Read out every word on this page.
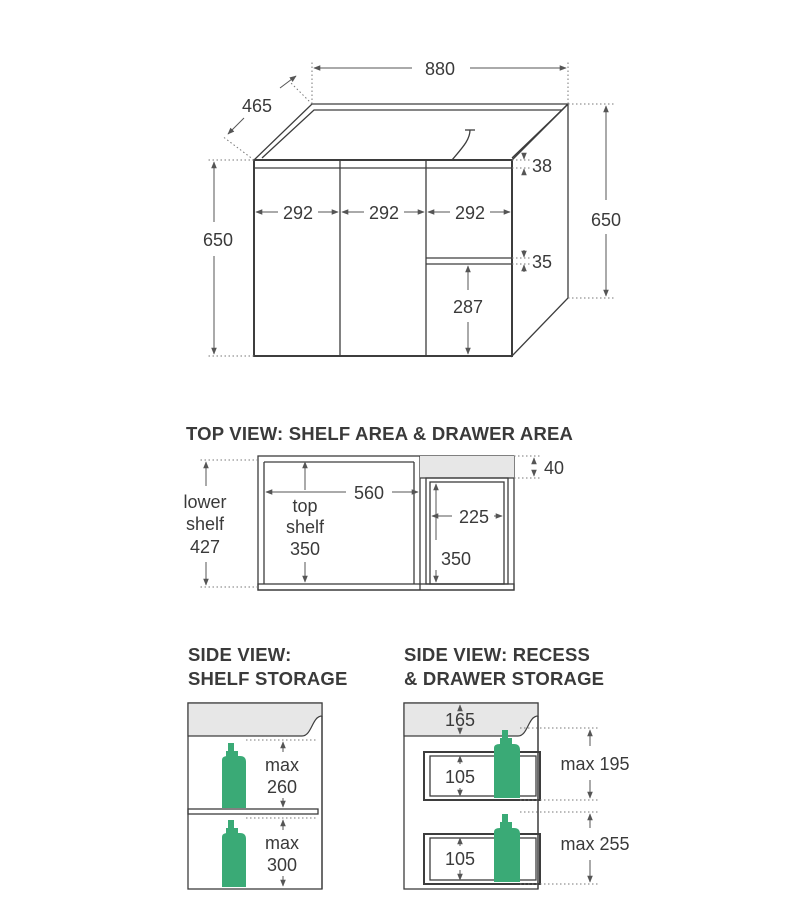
880
465
650
650
38
292	292	292
35
287
TOP VIEW: SHELF AREA & DRAWER AREA
lower
shelf
427
top
shelf
350
560
225
350
40
SIDE VIEW:
SHELF STORAGE
max
260
max
300
SIDE VIEW: RECESS
& DRAWER STORAGE
165
105
105
max 195
max 255
